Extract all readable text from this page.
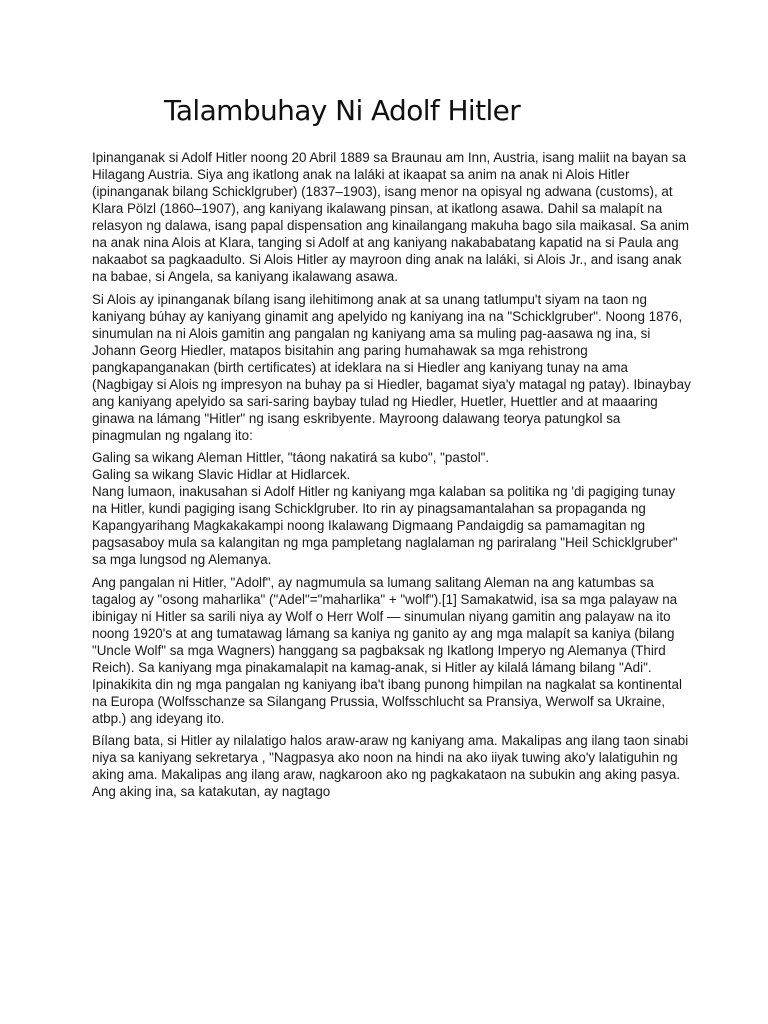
Talambuhay Ni Adolf Hitler

Ipinanganak si Adolf Hitler noong 20 Abril 1889 sa Braunau am Inn, Austria, isang maliit na bayan sa Hilagang Austria. Siya ang ikatlong anak na laláki at ikaapat sa anim na anak ni Alois Hitler (ipinanganak bilang Schicklgruber) (1837–1903), isang menor na opisyal ng adwana (customs), at Klara Pölzl (1860–1907), ang kaniyang ikalawang pinsan, at ikatlong asawa. Dahil sa malapít na relasyon ng dalawa, isang papal dispensation ang kinailangang makuha bago sila maikasal. Sa anim na anak nina Alois at Klara, tanging si Adolf at ang kaniyang nakababatang kapatid na si Paula ang nakaabot sa pagkaadulto. Si Alois Hitler ay mayroon ding anak na laláki, si Alois Jr., and isang anak na babae, si Angela, sa kaniyang ikalawang asawa.

Si Alois ay ipinanganak bílang isang ilehitimong anak at sa unang tatlumpu't siyam na taon ng kaniyang búhay ay kaniyang ginamit ang apelyido ng kaniyang ina na "Schicklgruber". Noong 1876, sinumulan na ni Alois gamitin ang pangalan ng kaniyang ama sa muling pag-aasawa ng ina, si Johann Georg Hiedler, matapos bisitahin ang paring humahawak sa mga rehistrong pangkapanganakan (birth certificates) at ideklara na si Hiedler ang kaniyang tunay na ama (Nagbigay si Alois ng impresyon na buhay pa si Hiedler, bagamat siya'y matagal ng patay). Ibinaybay ang kaniyang apelyido sa sari-saring baybay tulad ng Hiedler, Huetler, Huettler and at maaaring ginawa na lámang "Hitler" ng isang eskribyente. Mayroong dalawang teorya patungkol sa pinagmulan ng ngalang ito:

Galing sa wikang Aleman Hittler, "táong nakatirá sa kubo", "pastol".

Galing sa wikang Slavic Hidlar at Hidlarcek.

Nang lumaon, inakusahan si Adolf Hitler ng kaniyang mga kalaban sa politika ng 'di pagiging tunay na Hitler, kundi pagiging isang Schicklgruber. Ito rin ay pinagsamantalahan sa propaganda ng Kapangyarihang Magkakakampi noong Ikalawang Digmaang Pandaigdig sa pamamagitan ng pagsasaboy mula sa kalangitan ng mga pampletang naglalaman ng pariralang "Heil Schicklgruber" sa mga lungsod ng Alemanya.

Ang pangalan ni Hitler, "Adolf", ay nagmumula sa lumang salitang Aleman na ang katumbas sa tagalog ay "osong maharlika" ("Adel"="maharlika" + "wolf").[1] Samakatwid, isa sa mga palayaw na ibinigay ni Hitler sa sarili niya ay Wolf o Herr Wolf — sinumulan niyang gamitin ang palayaw na ito noong 1920's at ang tumatawag lámang sa kaniya ng ganito ay ang mga malapít sa kaniya (bilang "Uncle Wolf" sa mga Wagners) hanggang sa pagbaksak ng Ikatlong Imperyo ng Alemanya (Third Reich). Sa kaniyang mga pinakamalapit na kamag-anak, si Hitler ay kilalá lámang bilang "Adi". Ipinakikita din ng mga pangalan ng kaniyang iba't ibang punong himpilan na nagkalat sa kontinental na Europa (Wolfsschanze sa Silangang Prussia, Wolfsschlucht sa Pransiya, Werwolf sa Ukraine, atbp.) ang ideyang ito.

Bílang bata, si Hitler ay nilalatigo halos araw-araw ng kaniyang ama. Makalipas ang ilang taon sinabi niya sa kaniyang sekretarya , "Nagpasya ako noon na hindi na ako iiyak tuwing ako'y lalatiguhin ng aking ama. Makalipas ang ilang araw, nagkaroon ako ng pagkakataon na subukin ang aking pasya. Ang aking ina, sa katakutan, ay nagtago
